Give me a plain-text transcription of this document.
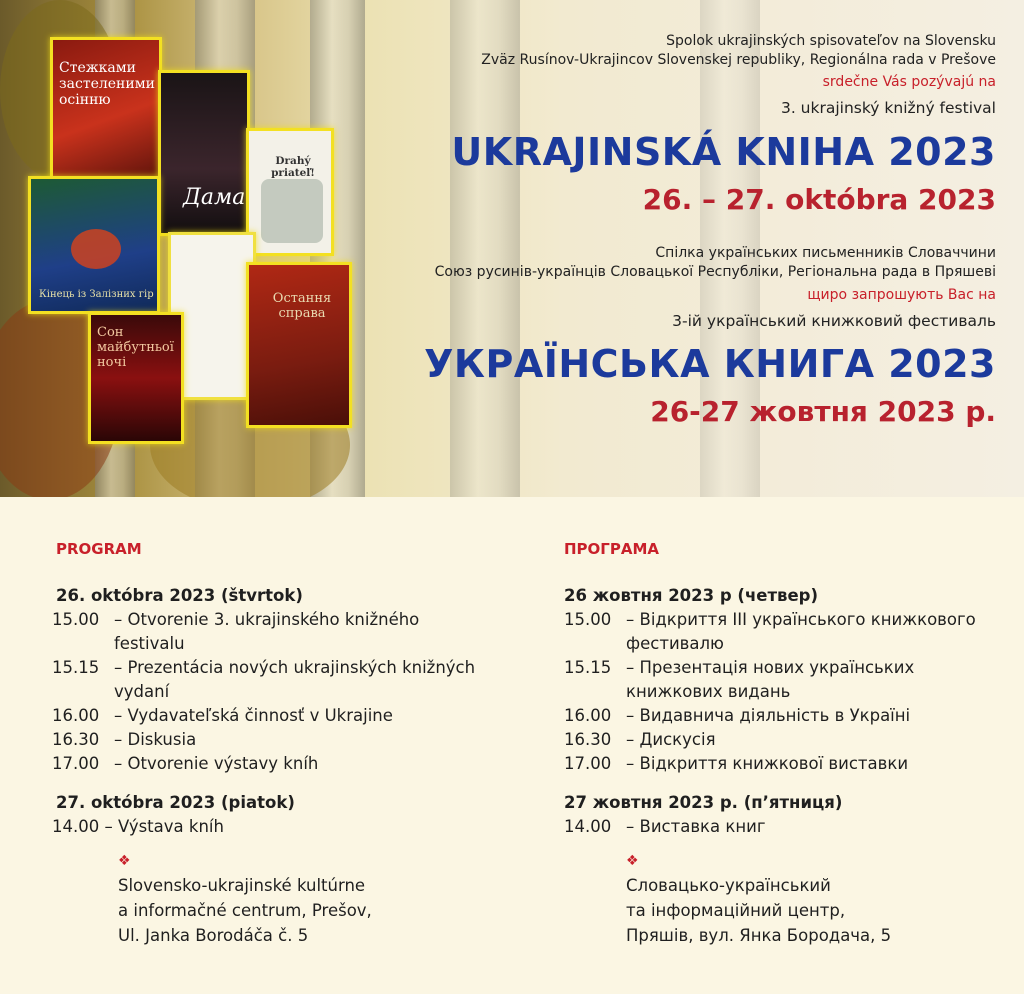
Стежками застеленими осінню
Дама
Drahý priateľ!
Кінець із Залізних гір
Сон майбутньої ночі
Остання справа
Spolok ukrajinských spisovateľov na Slovensku
Zväz Rusínov-Ukrajincov Slovenskej republiky, Regionálna rada v Prešove
srdečne Vás pozývajú na
3. ukrajinský knižný festival
UKRAJINSKÁ KNIHA 2023
26. – 27. októbra 2023
Спілка українських письменників Словаччини
Союз русинів-українців Словацької Республіки, Регіональна рада в Пряшеві
щиро запрошують Вас на
3-ій український книжковий фестиваль
УКРАЇНСЬКА КНИГА 2023
26-27 жовтня 2023 р.
PROGRAM
26. októbra 2023 (štvrtok)
15.00 – Otvorenie 3. ukrajinského knižného festivalu
15.15 – Prezentácia nových ukrajinských knižných vydaní
16.00 – Vydavateľská činnosť v Ukrajine
16.30 – Diskusia
17.00 – Otvorenie výstavy kníh
27. októbra 2023 (piatok)
14.00 – Výstava kníh
❖
Slovensko-ukrajinské kultúrne
a informačné centrum, Prešov,
Ul. Janka Borodáča č. 5
ПРОГРАМА
26 жовтня 2023 р (четвер)
15.00 – Відкриття III українського книжкового фестивалю
15.15 – Презентація нових українських книжкових видань
16.00 – Видавнича діяльність в Україні
16.30 – Дискусія
17.00 – Відкриття книжкової виставки
27 жовтня 2023 р. (п’ятниця)
14.00 – Виставка книг
❖
Словацько-український
та інформаційний центр,
Пряшів, вул. Янка Бородача, 5
